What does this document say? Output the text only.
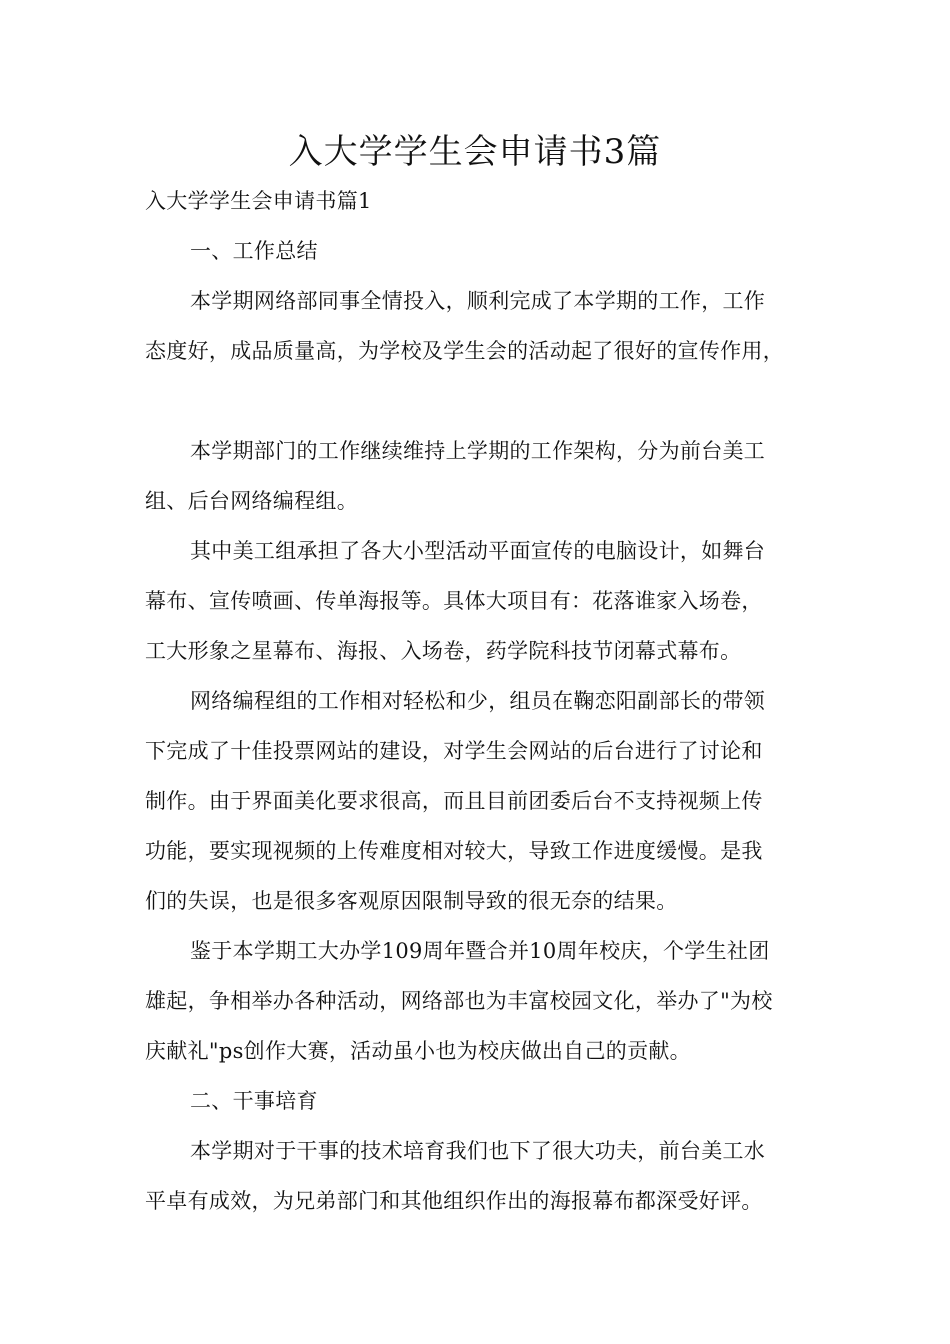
入大学学生会申请书3篇
入大学学生会申请书篇1
一、工作总结
本学期网络部同事全情投入，顺利完成了本学期的工作，工作
态度好，成品质量高，为学校及学生会的活动起了很好的宣传作用，
本学期部门的工作继续维持上学期的工作架构，分为前台美工
组、后台网络编程组。
其中美工组承担了各大小型活动平面宣传的电脑设计，如舞台
幕布、宣传喷画、传单海报等。具体大项目有：花落谁家入场卷，
工大形象之星幕布、海报、入场卷，药学院科技节闭幕式幕布。
网络编程组的工作相对轻松和少，组员在鞠恋阳副部长的带领
下完成了十佳投票网站的建设，对学生会网站的后台进行了讨论和
制作。由于界面美化要求很高，而且目前团委后台不支持视频上传
功能，要实现视频的上传难度相对较大，导致工作进度缓慢。是我
们的失误，也是很多客观原因限制导致的很无奈的结果。
鉴于本学期工大办学109周年暨合并10周年校庆，个学生社团
雄起，争相举办各种活动，网络部也为丰富校园文化，举办了"为校
庆献礼"ps创作大赛，活动虽小也为校庆做出自己的贡献。
二、干事培育
本学期对于干事的技术培育我们也下了很大功夫，前台美工水
平卓有成效，为兄弟部门和其他组织作出的海报幕布都深受好评。
